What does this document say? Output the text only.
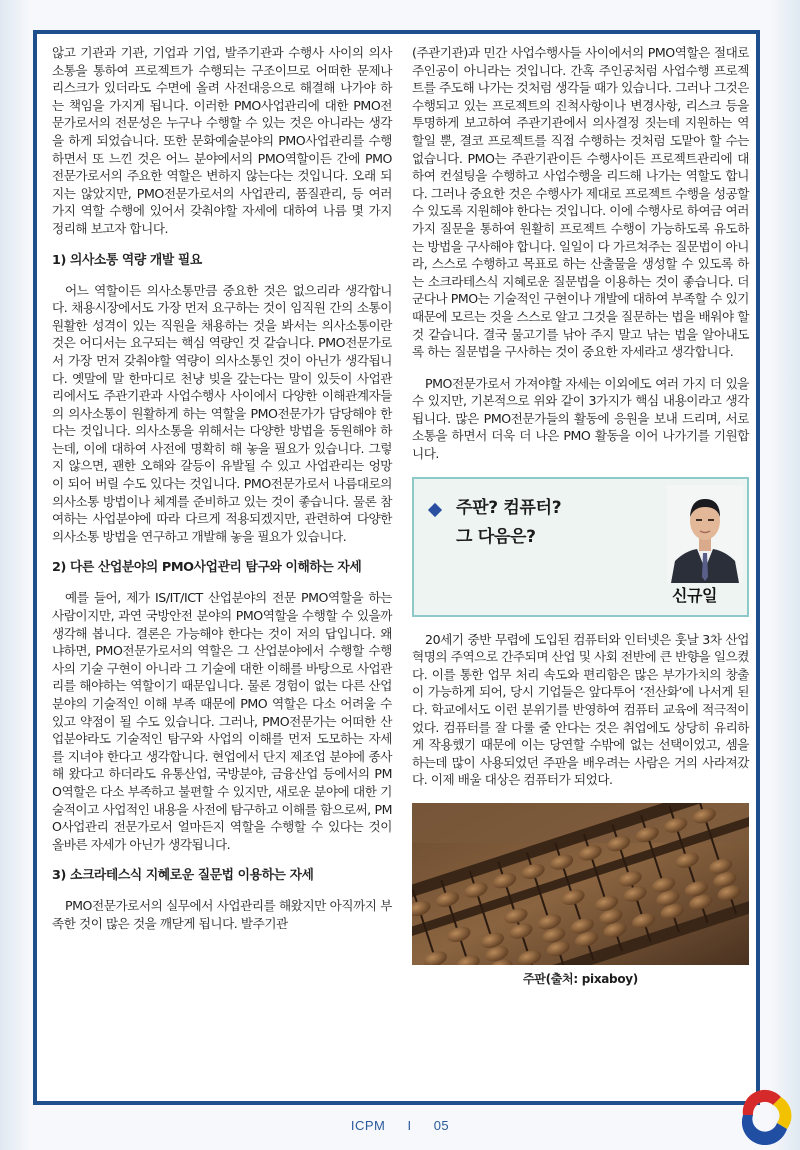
않고 기관과 기관, 기업과 기업, 발주기관과 수행사 사이의 의사소통을 통하여 프로젝트가 수행되는 구조이므로 어떠한 문제나 리스크가 있더라도 수면에 올려 사전대응으로 해결해 나가야 하는 책임을 가지게 됩니다. 이러한 PMO사업관리에 대한 PMO전문가로서의 전문성은 누구나 수행할 수 있는 것은 아니라는 생각을 하게 되었습니다. 또한 문화예술분야의 PMO사업관리를 수행하면서 또 느낀 것은 어느 분야에서의 PMO역할이든 간에 PMO전문가로서의 주요한 역할은 변하지 않는다는 것입니다. 오래 되지는 않았지만, PMO전문가로서의 사업관리, 품질관리, 등 여러 가지 역할 수행에 있어서 갖춰야할 자세에 대하여 나름 몇 가지 정리해 보고자 합니다.

1) 의사소통 역량 개발 필요

어느 역할이든 의사소통만큼 중요한 것은 없으리라 생각합니다. 채용시장에서도 가장 먼저 요구하는 것이 임직원 간의 소통이 원활한 성격이 있는 직원을 채용하는 것을 봐서는 의사소통이란 것은 어디서는 요구되는 핵심 역량인 것 같습니다. PMO전문가로서 가장 먼저 갖춰야할 역량이 의사소통인 것이 아닌가 생각됩니다. 옛말에 말 한마디로 천냥 빚을 갚는다는 말이 있듯이 사업관리에서도 주관기관과 사업수행사 사이에서 다양한 이해관계자들의 의사소통이 원활하게 하는 역할을 PMO전문가가 담당해야 한다는 것입니다. 의사소통을 위해서는 다양한 방법을 동원해야 하는데, 이에 대하여 사전에 명확히 해 놓을 필요가 있습니다. 그렇지 않으면, 괜한 오해와 갈등이 유발될 수 있고 사업관리는 엉망이 되어 버릴 수도 있다는 것입니다. PMO전문가로서 나름대로의 의사소통 방법이나 체계를 준비하고 있는 것이 좋습니다. 물론 참여하는 사업분야에 따라 다르게 적용되겠지만, 관련하여 다양한 의사소통 방법을 연구하고 개발해 놓을 필요가 있습니다.

2) 다른 산업분야의 PMO사업관리 탐구와 이해하는 자세

예를 들어, 제가 IS/IT/ICT 산업분야의 전문 PMO역할을 하는 사람이지만, 과연 국방안전 분야의 PMO역할을 수행할 수 있을까 생각해 봅니다. 결론은 가능해야 한다는 것이 저의 답입니다. 왜냐하면, PMO전문가로서의 역할은 그 산업분야에서 수행할 수행사의 기술 구현이 아니라 그 기술에 대한 이해를 바탕으로 사업관리를 해야하는 역할이기 때문입니다. 물론 경험이 없는 다른 산업분야의 기술적인 이해 부족 때문에 PMO 역할은 다소 어려울 수 있고 약점이 될 수도 있습니다. 그러나, PMO전문가는 어떠한 산업분야라도 기술적인 탐구와 사업의 이해를 먼저 도모하는 자세를 지녀야 한다고 생각합니다. 현업에서 단지 제조업 분야에 종사해 왔다고 하더라도 유통산업, 국방분야, 금융산업 등에서의 PMO역할은 다소 부족하고 불편할 수 있지만, 새로운 분야에 대한 기술적이고 사업적인 내용을 사전에 탐구하고 이해를 함으로써, PMO사업관리 전문가로서 얼마든지 역할을 수행할 수 있다는 것이 올바른 자세가 아닌가 생각됩니다.

3) 소크라테스식 지혜로운 질문법 이용하는 자세

PMO전문가로서의 실무에서 사업관리를 해왔지만 아직까지 부족한 것이 많은 것을 깨닫게 됩니다. 발주기관

(주관기관)과 민간 사업수행사들 사이에서의 PMO역할은 절대로 주인공이 아니라는 것입니다. 간혹 주인공처럼 사업수행 프로젝트를 주도해 나가는 것처럼 생각들 때가 있습니다. 그러나 그것은 수행되고 있는 프로젝트의 진척사항이나 변경사항, 리스크 등을 투명하게 보고하여 주관기관에서 의사결정 짓는데 지원하는 역할일 뿐, 결코 프로젝트를 직접 수행하는 것처럼 도맡아 할 수는 없습니다. PMO는 주관기관이든 수행사이든 프로젝트관리에 대하여 컨설팅을 수행하고 사업수행을 리드해 나가는 역할도 합니다. 그러나 중요한 것은 수행사가 제대로 프로젝트 수행을 성공할 수 있도록 지원해야 한다는 것입니다. 이에 수행사로 하여금 여러 가지 질문을 통하여 원활히 프로젝트 수행이 가능하도록 유도하는 방법을 구사해야 합니다. 일일이 다 가르쳐주는 질문법이 아니라, 스스로 수행하고 목표로 하는 산출물을 생성할 수 있도록 하는 소크라테스식 지혜로운 질문법을 이용하는 것이 좋습니다. 더군다나 PMO는 기술적인 구현이나 개발에 대하여 부족할 수 있기 때문에 모르는 것을 스스로 알고 그것을 질문하는 법을 배워야 할 것 같습니다. 결국 물고기를 낚아 주지 말고 낚는 법을 알아내도록 하는 질문법을 구사하는 것이 중요한 자세라고 생각합니다.

PMO전문가로서 가져야할 자세는 이외에도 여러 가지 더 있을 수 있지만, 기본적으로 위와 같이 3가지가 핵심 내용이라고 생각됩니다. 많은 PMO전문가들의 활동에 응원을 보내 드리며, 서로 소통을 하면서 더욱 더 나은 PMO 활동을 이어 나가기를 기원합니다.

주판? 컴퓨터?
그 다음은?
신규일

20세기 중반 무렵에 도입된 컴퓨터와 인터넷은 훗날 3차 산업혁명의 주역으로 간주되며 산업 및 사회 전반에 큰 반향을 일으켰다. 이를 통한 업무 처리 속도와 편리함은 많은 부가가치의 창출이 가능하게 되어, 당시 기업들은 앞다투어 ‘전산화’에 나서게 된다. 학교에서도 이런 분위기를 반영하여 컴퓨터 교육에 적극적이었다. 컴퓨터를 잘 다룰 줄 안다는 것은 취업에도 상당히 유리하게 작용했기 때문에 이는 당연할 수밖에 없는 선택이었고, 셈을 하는데 많이 사용되었던 주판을 배우려는 사람은 거의 사라져갔다. 이제 배울 대상은 컴퓨터가 되었다.

주판(출처: pixaboy)
ICPM I 05
